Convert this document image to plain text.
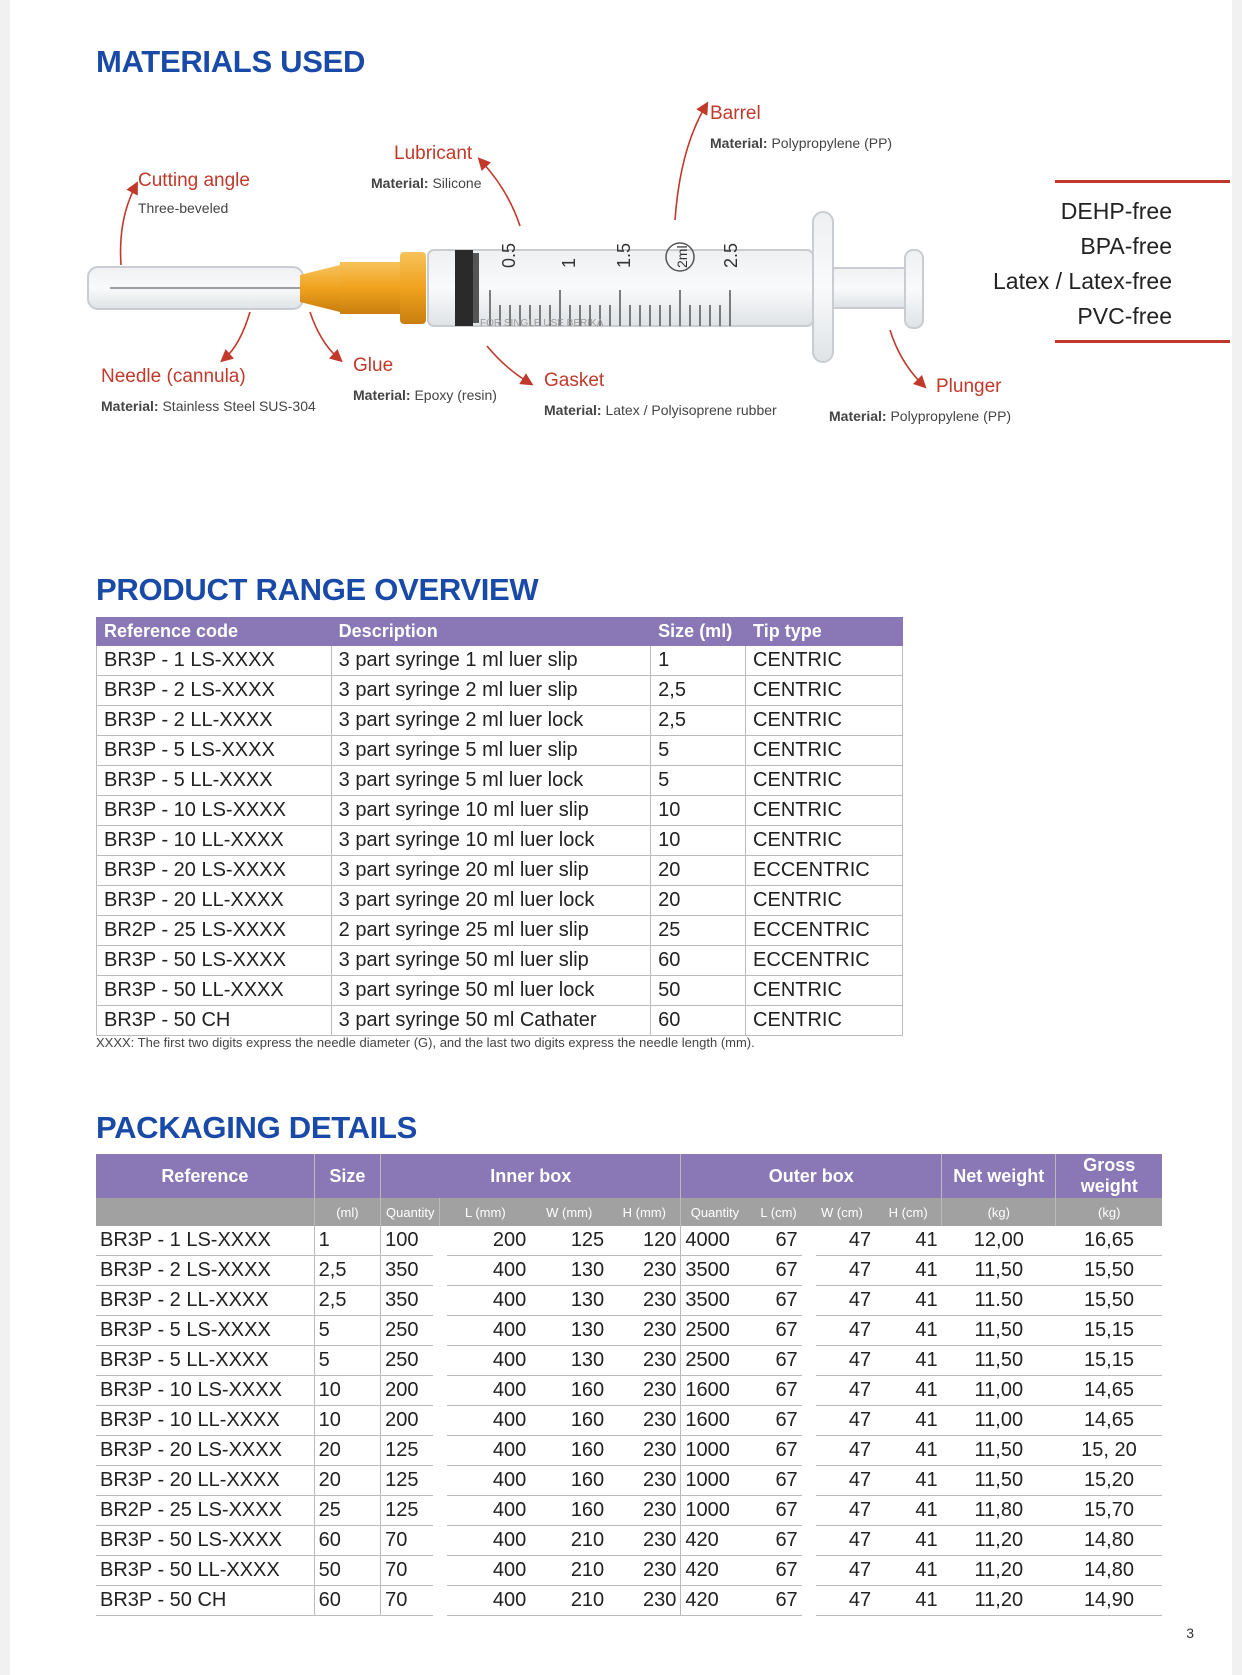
MATERIALS USED
Cutting angle
Three-beveled
Lubricant
Material: Silicone
Barrel
Material: Polypropylene (PP)
Needle (cannula)
Material: Stainless Steel SUS-304
Glue
Material: Epoxy (resin)
Gasket
Material: Latex / Polyisoprene rubber
Plunger
Material: Polypropylene (PP)
0.5 1 1.5	2ml 2.5
FOR SINGLE USE BERIKA
DEHP-free
BPA-free
Latex / Latex-free
PVC-free
PRODUCT RANGE OVERVIEW
Reference code	Description	Size (ml)	Tip type
BR3P - 1 LS-XXXX	3 part syringe 1 ml luer slip	1	CENTRIC
BR3P - 2 LS-XXXX	3 part syringe 2 ml luer slip	2,5	CENTRIC
BR3P - 2 LL-XXXX	3 part syringe 2 ml luer lock	2,5	CENTRIC
BR3P - 5 LS-XXXX	3 part syringe 5 ml luer slip	5	CENTRIC
BR3P - 5 LL-XXXX	3 part syringe 5 ml luer lock	5	CENTRIC
BR3P - 10 LS-XXXX	3 part syringe 10 ml luer slip	10	CENTRIC
BR3P - 10 LL-XXXX	3 part syringe 10 ml luer lock	10	CENTRIC
BR3P - 20 LS-XXXX	3 part syringe 20 ml luer slip	20	ECCENTRIC
BR3P - 20 LL-XXXX	3 part syringe 20 ml luer lock	20	CENTRIC
BR2P - 25 LS-XXXX	2 part syringe 25 ml luer slip	25	ECCENTRIC
BR3P - 50 LS-XXXX	3 part syringe 50 ml luer slip	60	ECCENTRIC
BR3P - 50 LL-XXXX	3 part syringe 50 ml luer lock	50	CENTRIC
BR3P - 50 CH	3 part syringe 50 ml Cathater	60	CENTRIC
XXXX: The first two digits express the needle diameter (G), and the last two digits express the needle length (mm).
PACKAGING DETAILS
Reference	Size	Inner box				Outer box				Net weight	Gross weight
	(ml)	Quantity	L (mm)	W (mm)	H (mm)	Quantity	L (cm)	W (cm)	H (cm)	(kg)	(kg)
BR3P - 1 LS-XXXX	1	100	200	125	120	4000	67	47	41	12,00	16,65
BR3P - 2 LS-XXXX	2,5	350	400	130	230	3500	67	47	41	11,50	15,50
BR3P - 2 LL-XXXX	2,5	350	400	130	230	3500	67	47	41	11.50	15,50
BR3P - 5 LS-XXXX	5	250	400	130	230	2500	67	47	41	11,50	15,15
BR3P - 5 LL-XXXX	5	250	400	130	230	2500	67	47	41	11,50	15,15
BR3P - 10 LS-XXXX	10	200	400	160	230	1600	67	47	41	11,00	14,65
BR3P - 10 LL-XXXX	10	200	400	160	230	1600	67	47	41	11,00	14,65
BR3P - 20 LS-XXXX	20	125	400	160	230	1000	67	47	41	11,50	15, 20
BR3P - 20 LL-XXXX	20	125	400	160	230	1000	67	47	41	11,50	15,20
BR2P - 25 LS-XXXX	25	125	400	160	230	1000	67	47	41	11,80	15,70
BR3P - 50 LS-XXXX	60	70	400	210	230	420	67	47	41	11,20	14,80
BR3P - 50 LL-XXXX	50	70	400	210	230	420	67	47	41	11,20	14,80
BR3P - 50 CH	60	70	400	210	230	420	67	47	41	11,20	14,90
3
